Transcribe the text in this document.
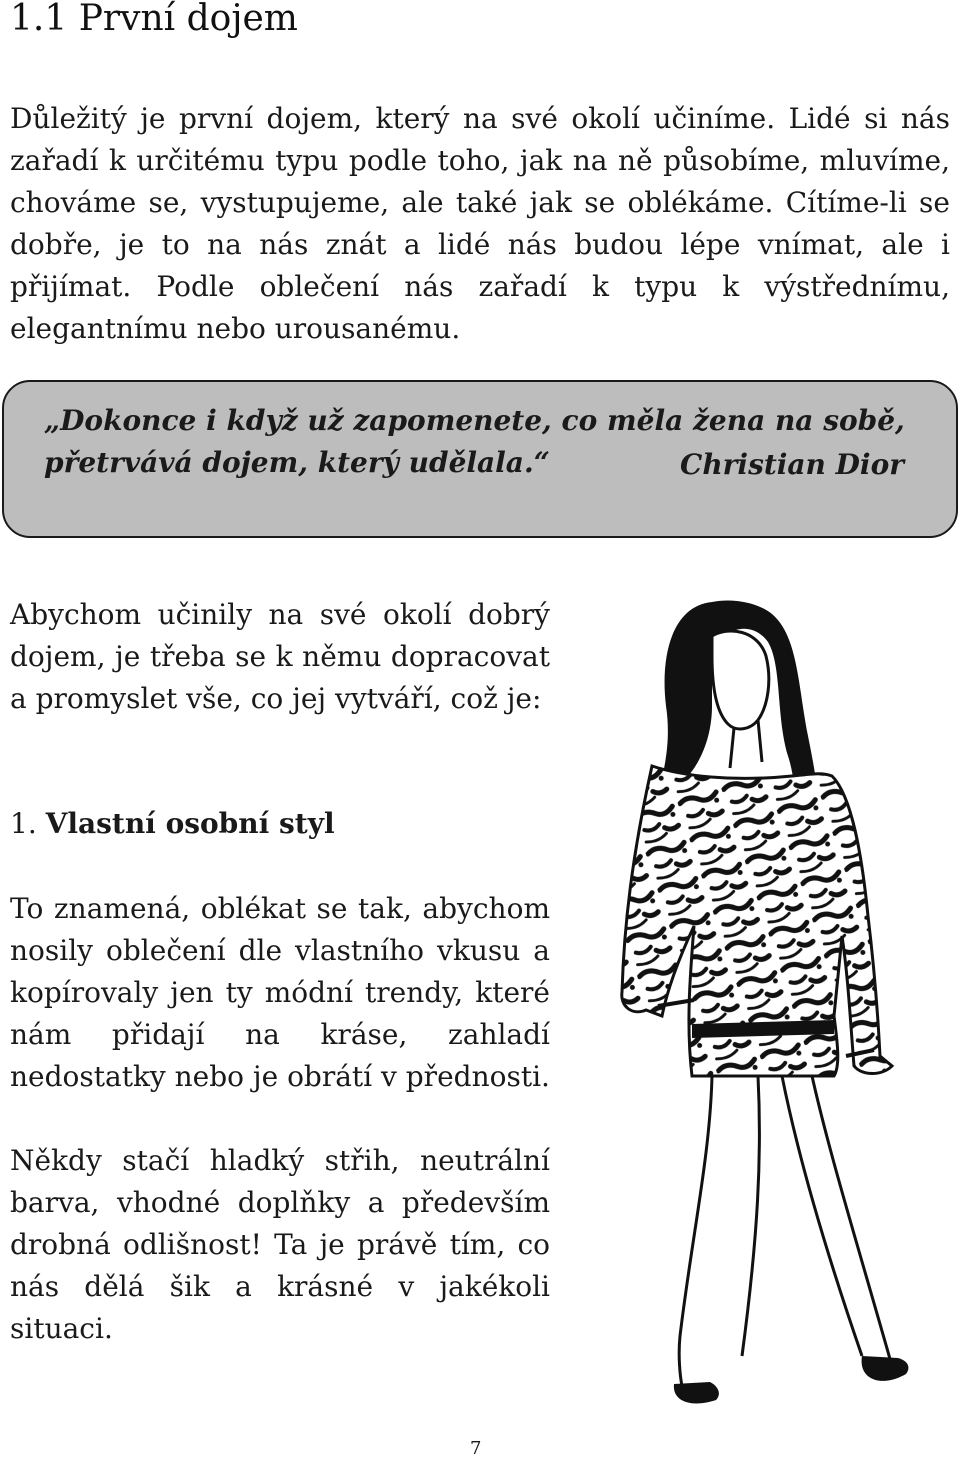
1.1 První dojem

Důležitý je první dojem, který na své okolí učiníme. Lidé si nás zařadí k určitému typu podle toho, jak na ně působíme, mluvíme, chováme se, vystupujeme, ale také jak se oblékáme. Cítíme-li se dobře, je to na nás znát a lidé nás budou lépe vnímat, ale i přijímat. Podle oblečení nás zařadí k typu k výstřednímu, elegantnímu nebo urousanému.

„Dokonce i když už zapomenete, co měla žena na sobě, přetrvává dojem, který udělala.“	Christian Dior

Abychom učinily na své okolí dobrý dojem, je třeba se k němu dopracovat a promyslet vše, co jej vytváří, což je:

1. Vlastní osobní styl

To znamená, oblékat se tak, abychom nosily oblečení dle vlastního vkusu a kopírovaly jen ty módní trendy, které nám přidají na kráse, zahladí nedostatky nebo je obrátí v přednosti.

Někdy stačí hladký střih, neutrální barva, vhodné doplňky a především drobná odlišnost! Ta je právě tím, co nás dělá šik a krásné v jakékoli situaci.

7
